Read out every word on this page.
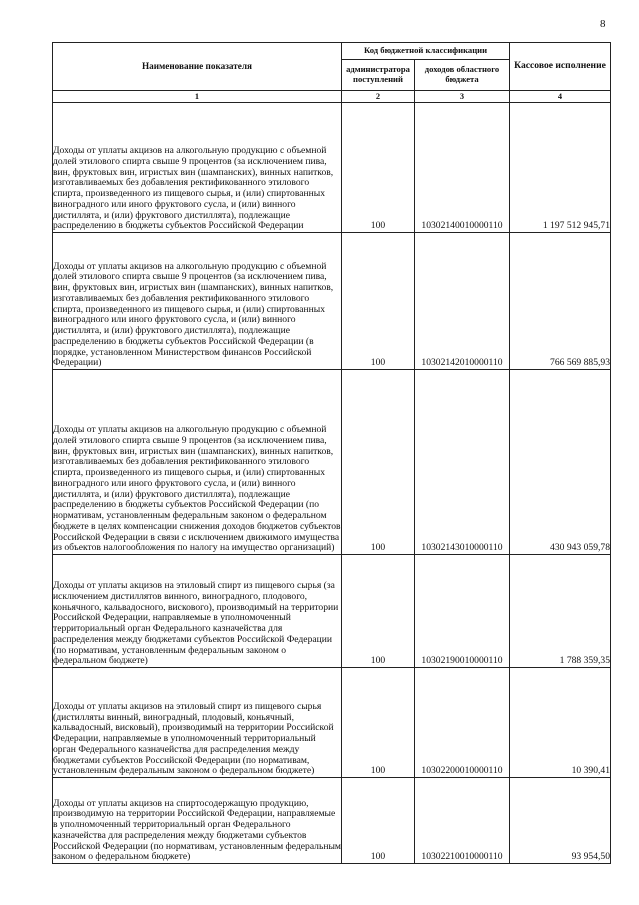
8
Наименование показателя	Код бюджетной классификации		Кассовое исполнение
	администратора поступлений	доходов областного бюджета	
1	2	3	4
Доходы от уплаты акцизов на алкогольную продукцию с объемной долей этилового спирта свыше 9 процентов (за исключением пива, вин, фруктовых вин, игристых вин (шампанских), винных напитков, изготавливаемых без добавления ректификованного этилового спирта, произведенного из пищевого сырья, и (или) спиртованных виноградного или иного фруктового сусла, и (или) винного дистиллята, и (или) фруктового дистиллята), подлежащие распределению в бюджеты субъектов Российской Федерации	100	10302140010000110	1 197 512 945,71
Доходы от уплаты акцизов на алкогольную продукцию с объемной долей этилового спирта свыше 9 процентов (за исключением пива, вин, фруктовых вин, игристых вин (шампанских), винных напитков, изготавливаемых без добавления ректификованного этилового спирта, произведенного из пищевого сырья, и (или) спиртованных виноградного или иного фруктового сусла, и (или) винного дистиллята, и (или) фруктового дистиллята), подлежащие распределению в бюджеты субъектов Российской Федерации (в порядке, установленном Министерством финансов Российской Федерации)	100	10302142010000110	766 569 885,93
Доходы от уплаты акцизов на алкогольную продукцию с объемной долей этилового спирта свыше 9 процентов (за исключением пива, вин, фруктовых вин, игристых вин (шампанских), винных напитков, изготавливаемых без добавления ректификованного этилового спирта, произведенного из пищевого сырья, и (или) спиртованных виноградного или иного фруктового сусла, и (или) винного дистиллята, и (или) фруктового дистиллята), подлежащие распределению в бюджеты субъектов Российской Федерации (по нормативам, установленным федеральным законом о федеральном бюджете в целях компенсации снижения доходов бюджетов субъектов Российской Федерации в связи с исключением движимого имущества из объектов налогообложения по налогу на имущество организаций)	100	10302143010000110	430 943 059,78
Доходы от уплаты акцизов на этиловый спирт из пищевого сырья (за исключением дистиллятов винного, виноградного, плодового, коньячного, кальвадосного, вискового), производимый на территории Российской Федерации, направляемые в уполномоченный территориальный орган Федерального казначейства для распределения между бюджетами субъектов Российской Федерации (по нормативам, установленным федеральным законом о федеральном бюджете)	100	10302190010000110	1 788 359,35
Доходы от уплаты акцизов на этиловый спирт из пищевого сырья (дистилляты винный, виноградный, плодовый, коньячный, кальвадосный, висковый), производимый на территории Российской Федерации, направляемые в уполномоченный территориальный орган Федерального казначейства для распределения между бюджетами субъектов Российской Федерации (по нормативам, установленным федеральным законом о федеральном бюджете)	100	10302200010000110	10 390,41
Доходы от уплаты акцизов на спиртосодержащую продукцию, производимую на территории Российской Федерации, направляемые в уполномоченный территориальный орган Федерального казначейства для распределения между бюджетами субъектов Российской Федерации (по нормативам, установленным федеральным законом о федеральном бюджете)	100	10302210010000110	93 954,50
